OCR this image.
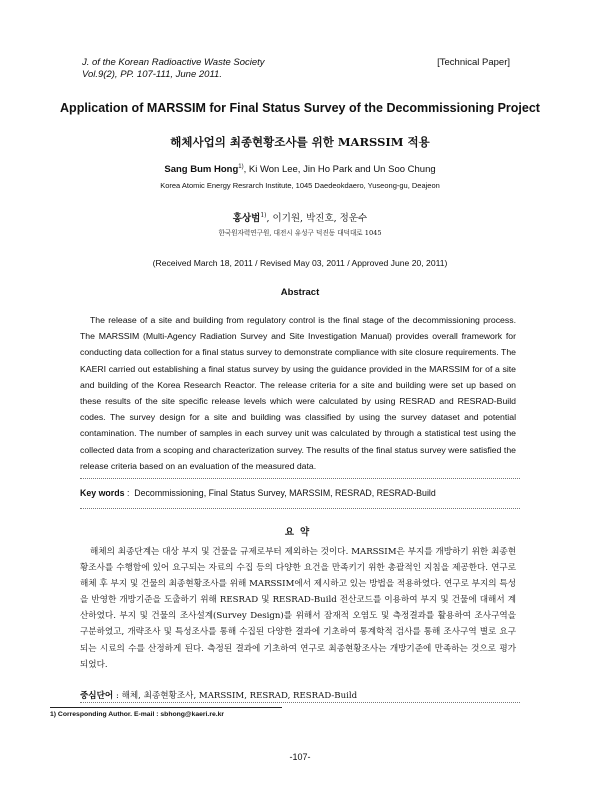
J. of the Korean Radioactive Waste Society
Vol.9(2), PP. 107-111, June 2011.
[Technical Paper]
Application of MARSSIM for Final Status Survey of the Decommissioning Project
해체사업의 최종현황조사를 위한 MARSSIM 적용
Sang Bum Hong$^{1)}$, Ki Won Lee, Jin Ho Park and Un Soo Chung
Korea Atomic Energy Resrarch Institute, 1045 Daedeokdaero, Yuseong-gu, Deajeon
홍상범$^{1)}$, 이기원, 박진호, 정운수
한국원자력연구원, 대전시 유성구 덕진동 대덕대로 1045
(Received March 18, 2011 / Revised May 03, 2011 / Approved June 20, 2011)
Abstract

The release of a site and building from regulatory control is the final stage of the decommissioning process. The MARSSIM (Multi-Agency Radiation Survey and Site Investigation Manual) provides overall framework for conducting data collection for a final status survey to demonstrate compliance with site closure requirements. The KAERI carried out establishing a final status survey by using the guidance provided in the MARSSIM for of a site and building of the Korea Research Reactor. The release criteria for a site and building were set up based on these results of the site specific release levels which were calculated by using RESRAD and RESRAD-Build codes. The survey design for a site and building was classified by using the survey dataset and potential contamination. The number of samples in each survey unit was calculated by through a statistical test using the collected data from a scoping and characterization survey. The results of the final status survey were satisfied the release criteria based on an evaluation of the measured data.

Key words :  Decommissioning, Final Status Survey, MARSSIM, RESRAD, RESRAD-Build
요약

해체의 최종단계는 대상 부지 및 건물을 규제로부터 제외하는 것이다. MARSSIM은 부지를 개방하기 위한 최종현황조사를 수행함에 있어 요구되는 자료의 수집 등의 다양한 요건을 만족키기 위한 총괄적인 지침을 제공한다. 연구로 해체 후 부지 및 건물의 최종현황조사를 위해 MARSSIM에서 제시하고 있는 방법을 적용하였다. 연구로 부지의 특성을 반영한 개방기준을 도출하기 위해 RESRAD 및 RESRAD-Build 전산코드를 이용하여 부지 및 건물에 대해서 계산하였다. 부지 및 건물의 조사설계(Survey Design)를 위해서 잠재적 오염도 및 측정결과를 활용하여 조사구역을 구분하였고, 개략조사 및 특성조사를 통해 수집된 다양한 결과에 기초하여 통계학적 검사를 통해 조사구역 별로 요구되는 시료의 수를 산정하게 된다. 측정된 결과에 기초하여 연구로 최종현황조사는 개방기준에 만족하는 것으로 평가되었다.

중심단어 : 해체, 최종현황조사, MARSSIM, RESRAD, RESRAD-Build
1) Corresponding Author. E-mail : sbhong@kaeri.re.kr
-107-
